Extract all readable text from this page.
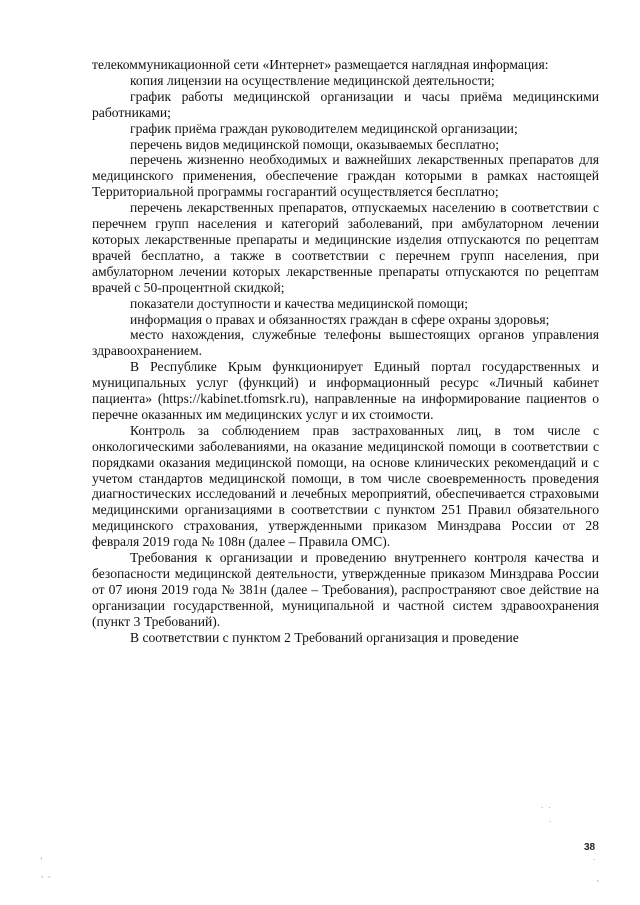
телекоммуникационной сети «Интернет» размещается наглядная информация:

копия лицензии на осуществление медицинской деятельности;

график работы медицинской организации и часы приёма медицинскими работниками;

график приёма граждан руководителем медицинской организации;

перечень видов медицинской помощи, оказываемых бесплатно;

перечень жизненно необходимых и важнейших лекарственных препаратов для медицинского применения, обеспечение граждан которыми в рамках настоящей Территориальной программы госгарантий осуществляется бесплатно;

перечень лекарственных препаратов, отпускаемых населению в соответствии с перечнем групп населения и категорий заболеваний, при амбулаторном лечении которых лекарственные препараты и медицинские изделия отпускаются по рецептам врачей бесплатно, а также в соответствии с перечнем групп населения, при амбулаторном лечении которых лекарственные препараты отпускаются по рецептам врачей с 50-процентной скидкой;

показатели доступности и качества медицинской помощи;

информация о правах и обязанностях граждан в сфере охраны здоровья;

место нахождения, служебные телефоны вышестоящих органов управления здравоохранением.

В Республике Крым функционирует Единый портал государственных и муниципальных услуг (функций) и информационный ресурс «Личный кабинет пациента» (https://kabinet.tfomsrk.ru), направленные на информирование пациентов о перечне оказанных им медицинских услуг и их стоимости.

Контроль за соблюдением прав застрахованных лиц, в том числе с онкологическими заболеваниями, на оказание медицинской помощи в соответствии с порядками оказания медицинской помощи, на основе клинических рекомендаций и с учетом стандартов медицинской помощи, в том числе своевременность проведения диагностических исследований и лечебных мероприятий, обеспечивается страховыми медицинскими организациями в соответствии с пунктом 251 Правил обязательного медицинского страхования, утвержденными приказом Минздрава России от 28 февраля 2019 года № 108н (далее – Правила ОМС).

Требования к организации и проведению внутреннего контроля качества и безопасности медицинской деятельности, утвержденные приказом Минздрава России от 07 июня 2019 года № 381н (далее – Требования), распространяют свое действие на организации государственной, муниципальной и частной систем здравоохранения (пункт 3 Требований).

В соответствии с пунктом 2 Требований организация и проведение

38
˙ ˙
˙
˙
ˎ
ˈ
˛ ˎ
